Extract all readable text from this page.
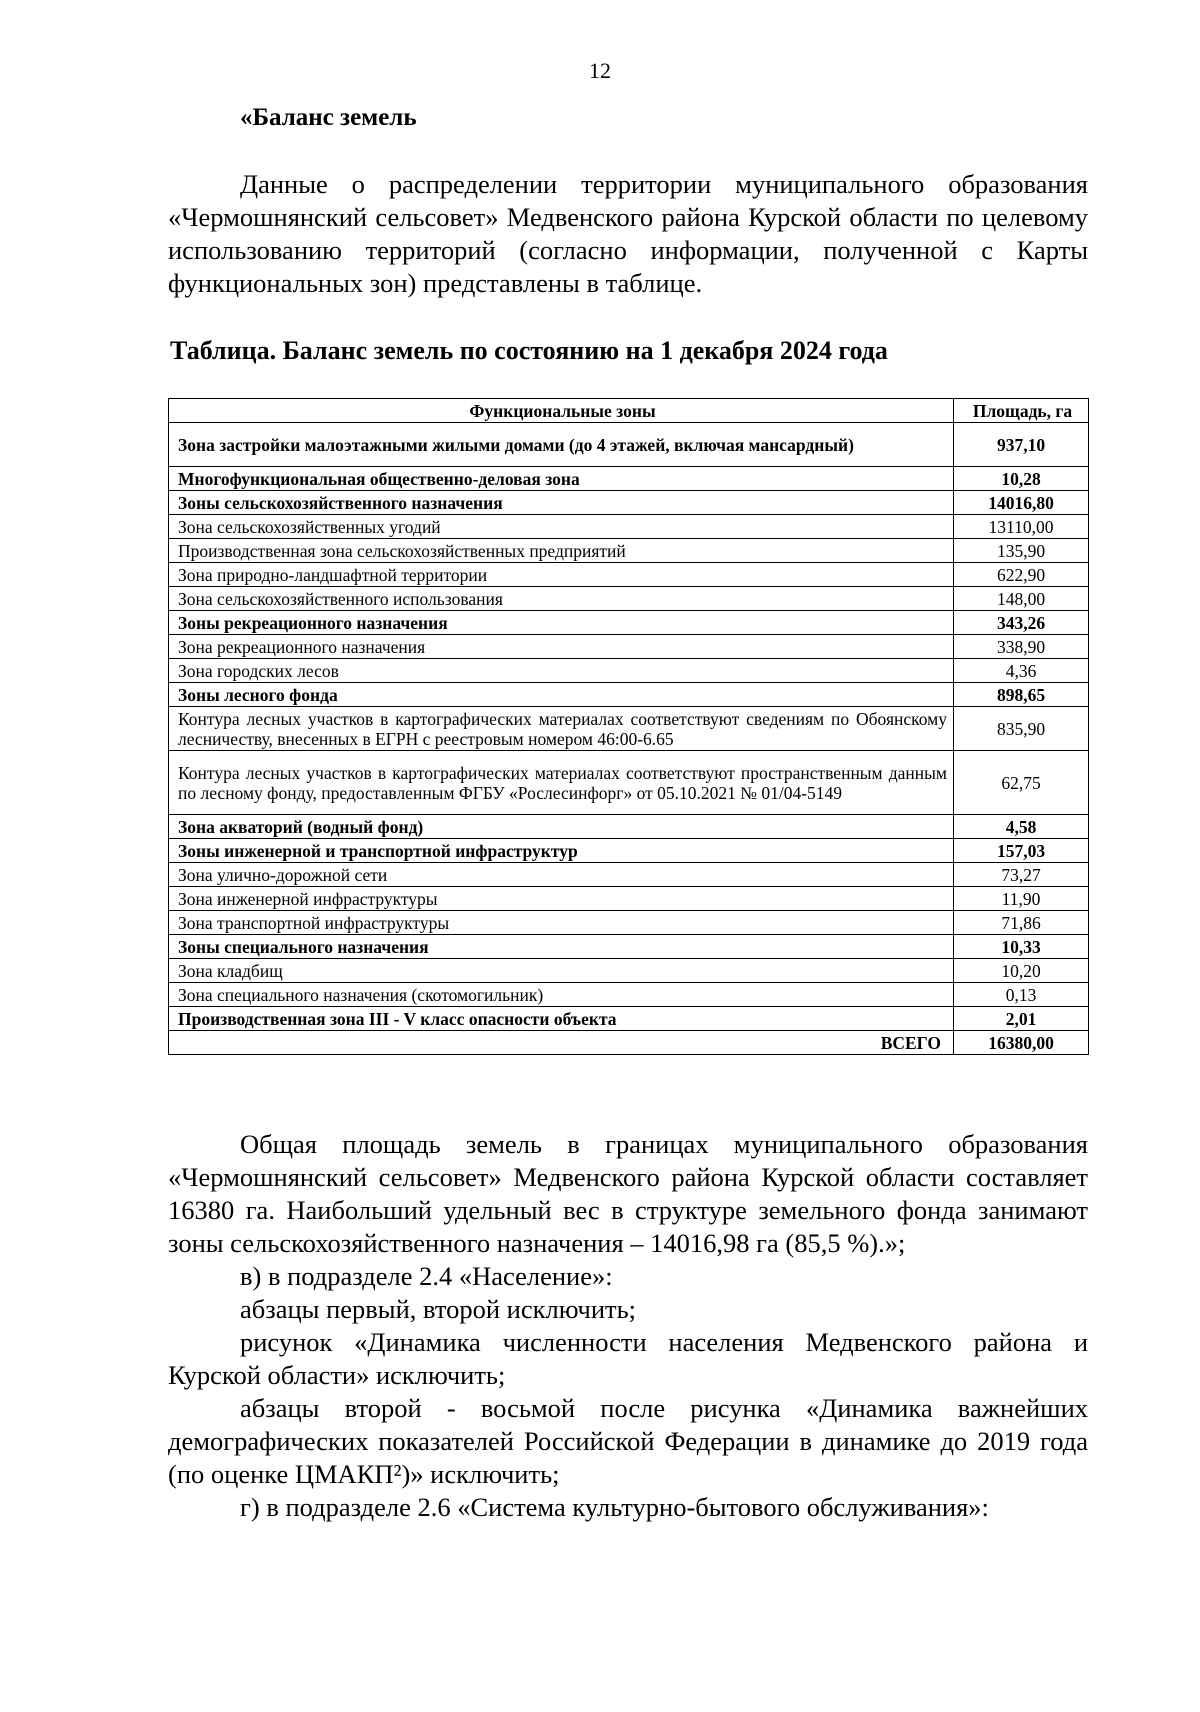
12
«Баланс земель

Данные о распределении территории муниципального образования «Чермошнянский сельсовет» Медвенского района Курской области по целевому использованию территорий (согласно информации, полученной с Карты функциональных зон) представлены в таблице.

Таблица. Баланс земель по состоянию на 1 декабря 2024 года
Функциональные зоны	Площадь, га
Зона застройки малоэтажными жилыми домами (до 4 этажей, включая мансардный)	937,10
Многофункциональная общественно-деловая зона	10,28
Зоны сельскохозяйственного назначения	14016,80
Зона сельскохозяйственных угодий	13110,00
Производственная зона сельскохозяйственных предприятий	135,90
Зона природно-ландшафтной территории	622,90
Зона сельскохозяйственного использования	148,00
Зоны рекреационного назначения	343,26
Зона рекреационного назначения	338,90
Зона городских лесов	4,36
Зоны лесного фонда	898,65
Контура лесных участков в картографических материалах соответствуют сведениям по Обоянскому лесничеству, внесенных в ЕГРН с реестровым номером 46:00-6.65	835,90
Контура лесных участков в картографических материалах соответствуют пространственным данным по лесному фонду, предоставленным ФГБУ «Рослесинфорг» от 05.10.2021 № 01/04-5149	62,75
Зона акваторий (водный фонд)	4,58
Зоны инженерной и транспортной инфраструктур	157,03
Зона улично-дорожной сети	73,27
Зона инженерной инфраструктуры	11,90
Зона транспортной инфраструктуры	71,86
Зоны специального назначения	10,33
Зона кладбищ	10,20
Зона специального назначения (скотомогильник)	0,13
Производственная зона III - V класс опасности объекта	2,01
ВСЕГО	16380,00

Общая площадь земель в границах муниципального образования «Чермошнянский сельсовет» Медвенского района Курской области составляет 16380 га. Наибольший удельный вес в структуре земельного фонда занимают зоны сельскохозяйственного назначения – 14016,98 га (85,5 %).»;

в) в подразделе 2.4 «Население»:

абзацы первый, второй исключить;

рисунок «Динамика численности населения Медвенского района и Курской области» исключить;

абзацы второй - восьмой после рисунка «Динамика важнейших демографических показателей Российской Федерации в динамике до 2019 года (по оценке ЦМАКП²)» исключить;

г) в подразделе 2.6 «Система культурно-бытового обслуживания»:
